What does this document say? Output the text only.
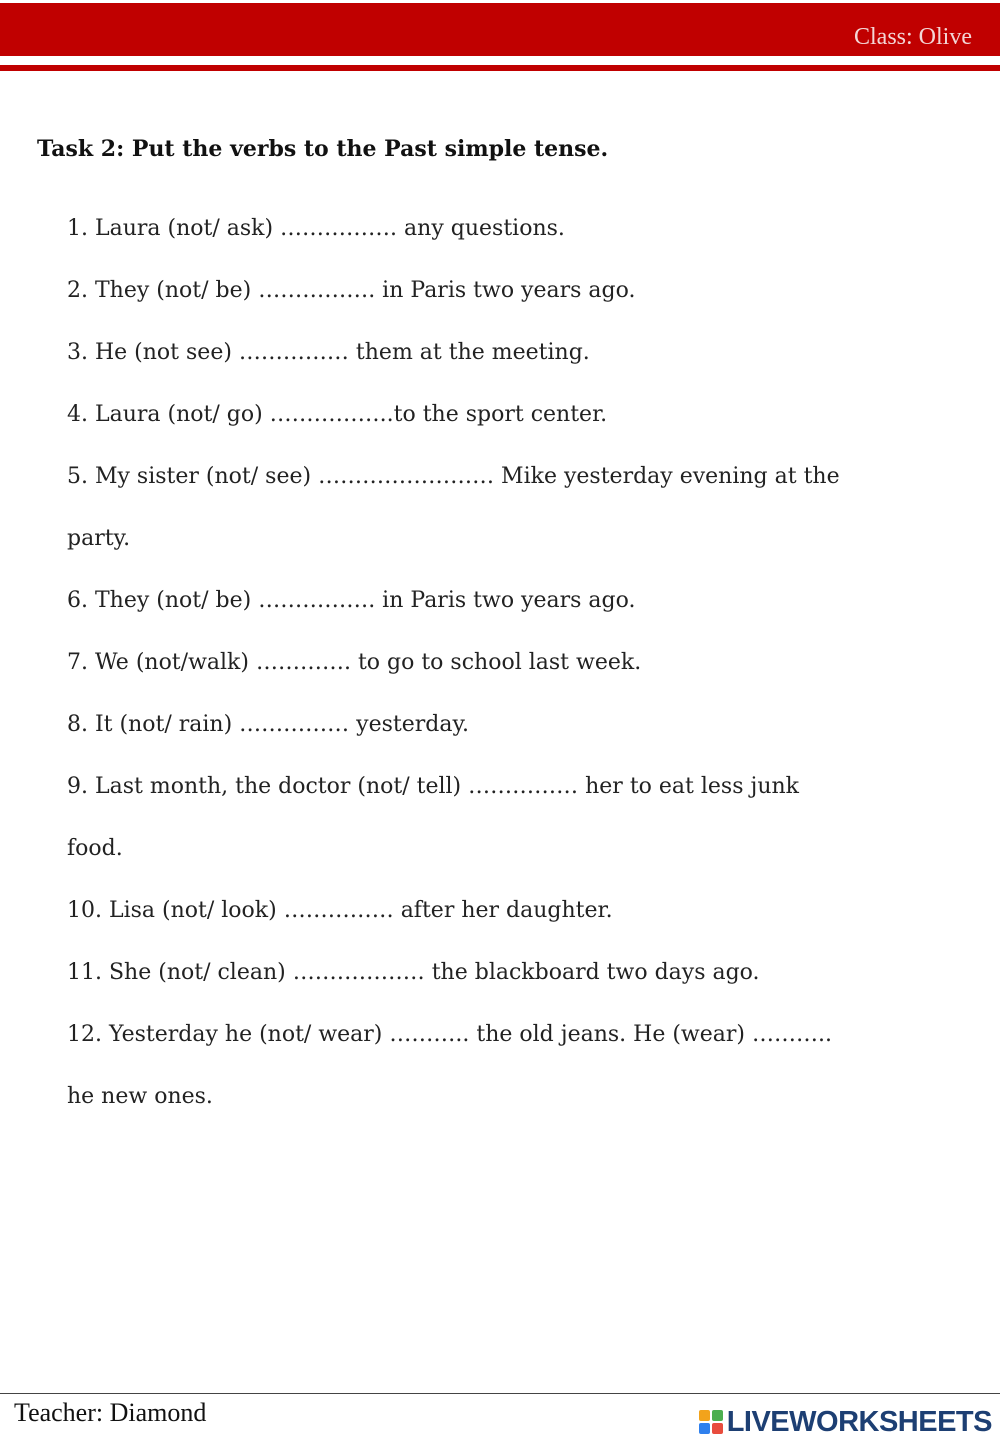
Class: Olive
Task 2: Put the verbs to the Past simple tense.
1. Laura (not/ ask) ……………. any questions.
2. They (not/ be) ……………. in Paris two years ago.
3. He (not see) …………… them at the meeting.
4. Laura (not/ go) ……………..to the sport center.
5. My sister (not/ see) …………………… Mike yesterday evening at the
party.
6. They (not/ be) ……………. in Paris two years ago.
7. We (not/walk) …………. to go to school last week.
8. It (not/ rain) …………… yesterday.
9. Last month, the doctor (not/ tell) …………… her to eat less junk
food.
10. Lisa (not/ look) …………… after her daughter.
11. She (not/ clean) ……………… the blackboard two days ago.
12. Yesterday he (not/ wear) ……….. the old jeans. He (wear) ………..
he new ones.
Teacher: Diamond	LIVEWORKSHEETS
